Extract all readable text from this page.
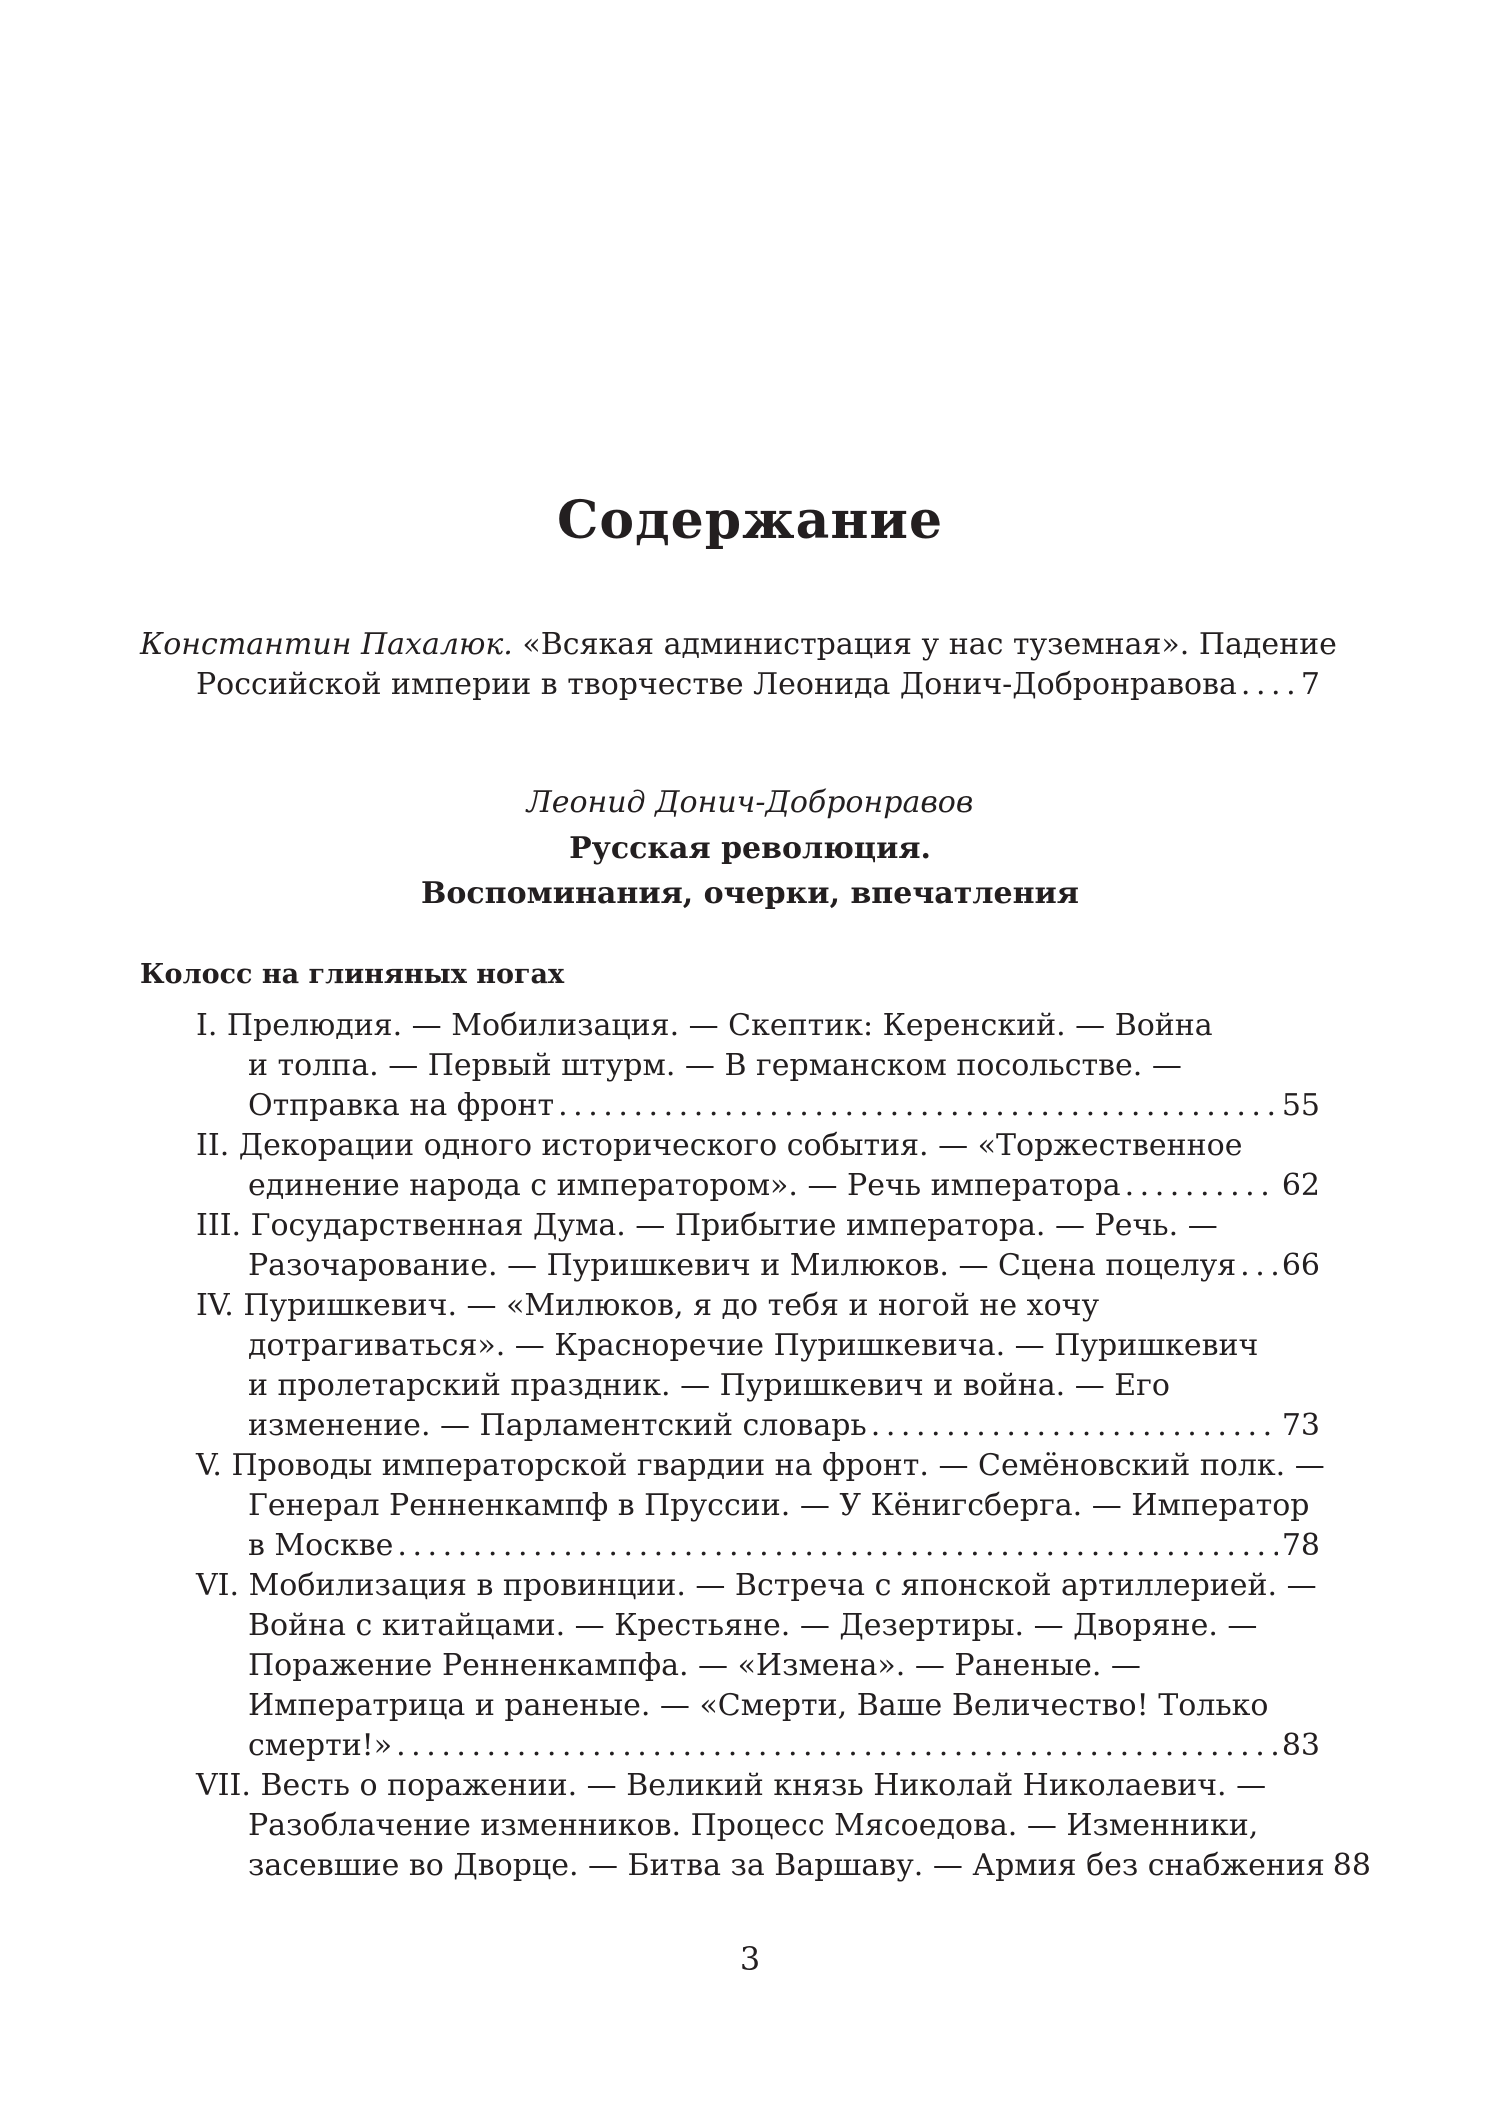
Содержание
Константин Пахалюк. «Всякая администрация у нас туземная». Падение
Российской империи в творчестве Леонида Донич-Добронравова . . . 7
Леонид Донич-Добронравов
Русская революция.
Воспоминания, очерки, впечатления
Колосс на глиняных ногах
I. Прелюдия. — Мобилизация. — Скептик: Керенский. — Война
и толпа. — Первый штурм. — В германском посольстве. —
Отправка на фронт . . .	55
II. Декорации одного исторического события. — «Торжественное
единение народа с императором». — Речь императора . . .	62
III. Государственная Дума. — Прибытие императора. — Речь. —
Разочарование. — Пуришкевич и Милюков. — Сцена поцелуя . . . 66
IV. Пуришкевич. — «Милюков, я до тебя и ногой не хочу
дотрагиваться». — Красноречие Пуришкевича. — Пуришкевич
и пролетарский праздник. — Пуришкевич и война. — Его
изменение. — Парламентский словарь . . .	73
V. Проводы императорской гвардии на фронт. — Семёновский полк. —
Генерал Ренненкампф в Пруссии. — У Кёнигсберга. — Император
в Москве . . .	78
VI. Мобилизация в провинции. — Встреча с японской артиллерией. —
Война с китайцами. — Крестьяне. — Дезертиры. — Дворяне. —
Поражение Ренненкампфа. — «Измена». — Раненые. —
Императрица и раненые. — «Смерти, Ваше Величество! Только
смерти!» . . .	83
VII. Весть о поражении. — Великий князь Николай Николаевич. —
Разоблачение изменников. Процесс Мясоедова. — Изменники,
засевшие во Дворце. — Битва за Варшаву. — Армия без снабжения 88
3
